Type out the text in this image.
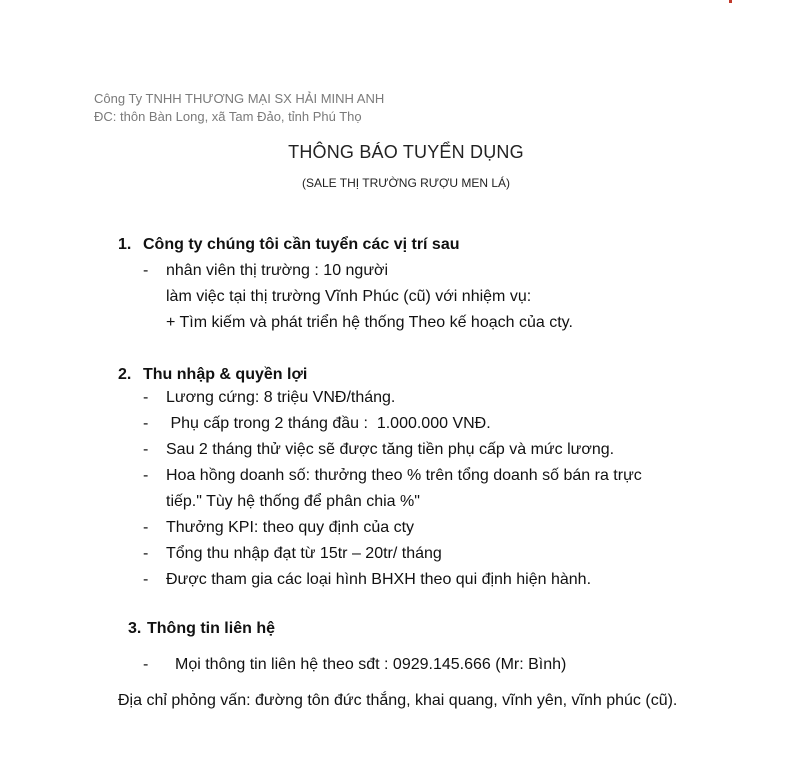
Công Ty TNHH THƯƠNG MẠI SX HẢI MINH ANH
ĐC: thôn Bàn Long, xã Tam Đảo, tỉnh Phú Thọ
THÔNG BÁO TUYỂN DỤNG
(SALE THỊ TRƯỜNG RƯỢU MEN LÁ)
1. Công ty chúng tôi cần tuyển các vị trí sau
- nhân viên thị trường : 10 người
làm việc tại thị trường Vĩnh Phúc (cũ) với nhiệm vụ:
+ Tìm kiếm và phát triển hệ thống Theo kế hoạch của cty.
2. Thu nhập & quyền lợi
- Lương cứng: 8 triệu VNĐ/tháng.
- Phụ cấp trong 2 tháng đầu :  1.000.000 VNĐ.
- Sau 2 tháng thử việc sẽ được tăng tiền phụ cấp và mức lương.
- Hoa hồng doanh số: thưởng theo % trên tổng doanh số bán ra trực
tiếp." Tùy hệ thống để phân chia %"
- Thưởng KPI: theo quy định của cty
- Tổng thu nhập đạt từ 15tr – 20tr/ tháng
- Được tham gia các loại hình BHXH theo qui định hiện hành.
3. Thông tin liên hệ
- Mọi thông tin liên hệ theo sđt : 0929.145.666 (Mr: Bình)
Địa chỉ phỏng vấn: đường tôn đức thắng, khai quang, vĩnh yên, vĩnh phúc (cũ).
